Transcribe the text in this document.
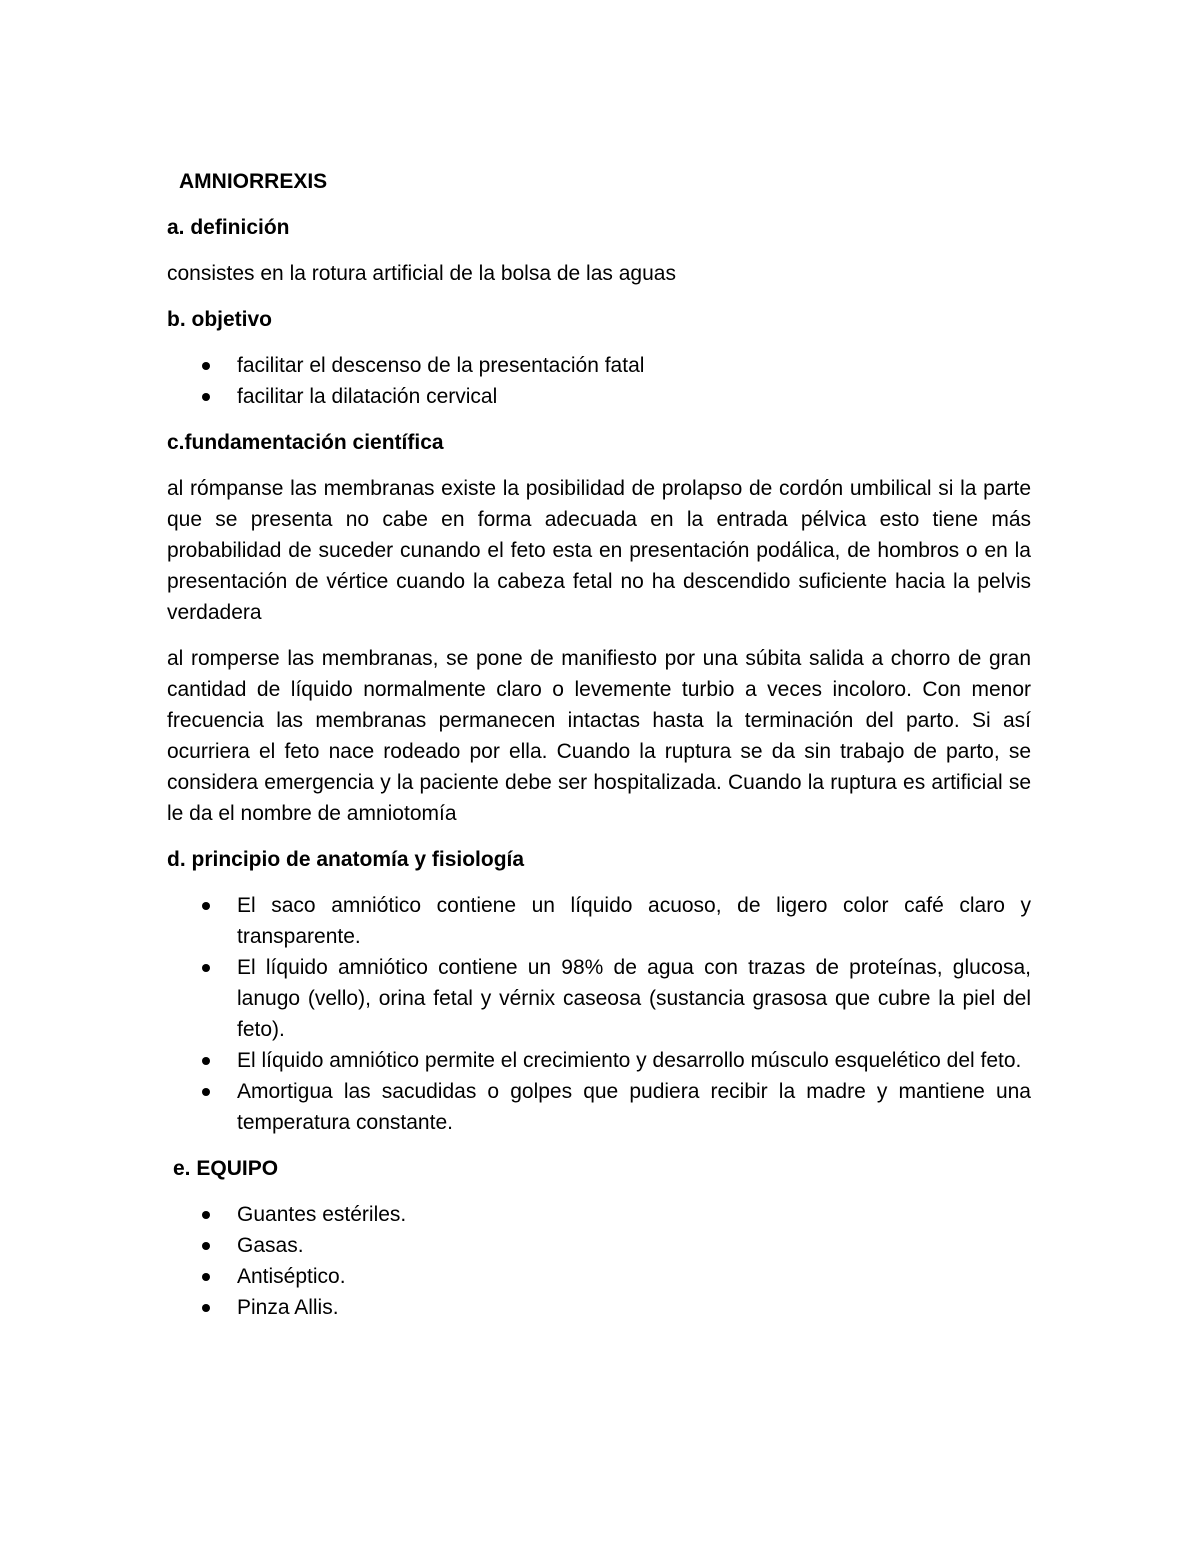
AMNIORREXIS
a. definición

consistes en la rotura artificial de la bolsa de las aguas

b. objetivo
facilitar el descenso de la presentación fatal
facilitar la dilatación cervical
c.fundamentación científica

al rómpanse las membranas existe la posibilidad de prolapso de cordón umbilical si la parte que se presenta no cabe en forma adecuada en la entrada pélvica esto tiene más probabilidad de suceder cunando el feto esta en presentación podálica, de hombros o en la presentación de vértice cuando la cabeza fetal no ha descendido suficiente hacia la pelvis verdadera

al romperse las membranas, se pone de manifiesto por una súbita salida a chorro de gran cantidad de líquido normalmente claro o levemente turbio a veces incoloro. Con menor frecuencia las membranas permanecen intactas hasta la terminación del parto. Si así ocurriera el feto nace rodeado por ella. Cuando la ruptura se da sin trabajo de parto, se considera emergencia y la paciente debe ser hospitalizada. Cuando la ruptura es artificial se le da el nombre de amniotomía

d. principio de anatomía y fisiología
El saco amniótico contiene un líquido acuoso, de ligero color café claro y transparente.
El líquido amniótico contiene un 98% de agua con trazas de proteínas, glucosa, lanugo (vello), orina fetal y vérnix caseosa (sustancia grasosa que cubre la piel del feto).
El líquido amniótico permite el crecimiento y desarrollo músculo esquelético del feto.
Amortigua las sacudidas o golpes que pudiera recibir la madre y mantiene una temperatura constante.
e. EQUIPO
Guantes estériles.
Gasas.
Antiséptico.
Pinza Allis.
